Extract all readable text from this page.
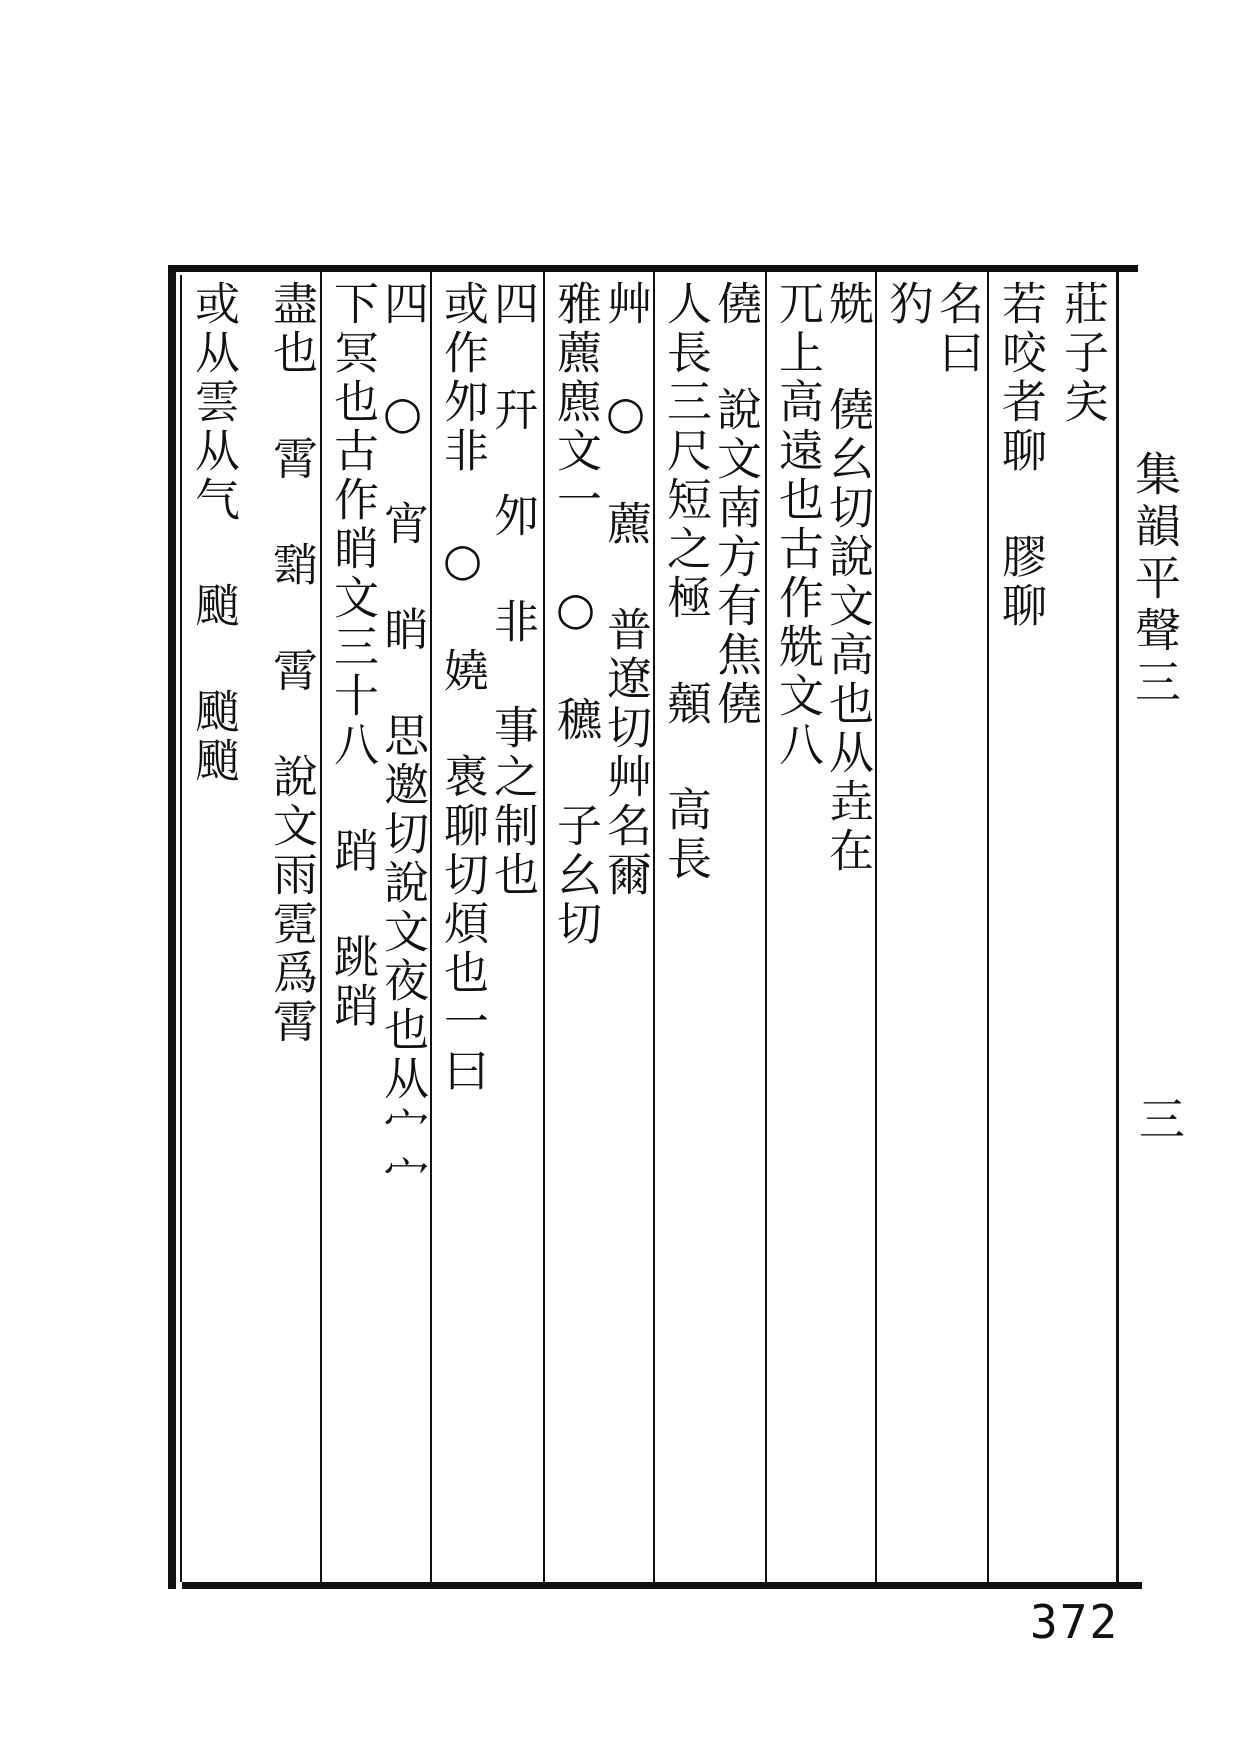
莊子宎
若咬者聊 膠聊
名曰
犳
兟 僥幺切說文高也从垚在
兀上高遠也古作兟文八
僥 說文南方有焦僥
人長三尺短之極 顤 高長
艸 ○ 藨 普遼切艸名爾
雅藨麃文一 ○ 穮 子幺切
四 幵 夘 非 事之制也
或作夘非 ○ 嬈 褭聊切煩也一曰
四 ○ 宵 睄 思邀切說文夜也从宀宀
下冥也古作睄文三十八 踃 跳踃
盡也 霄 䨭 霄 說文雨霓爲霄
或从雲从气 颵 颵颵	集韻平聲三
三
372
